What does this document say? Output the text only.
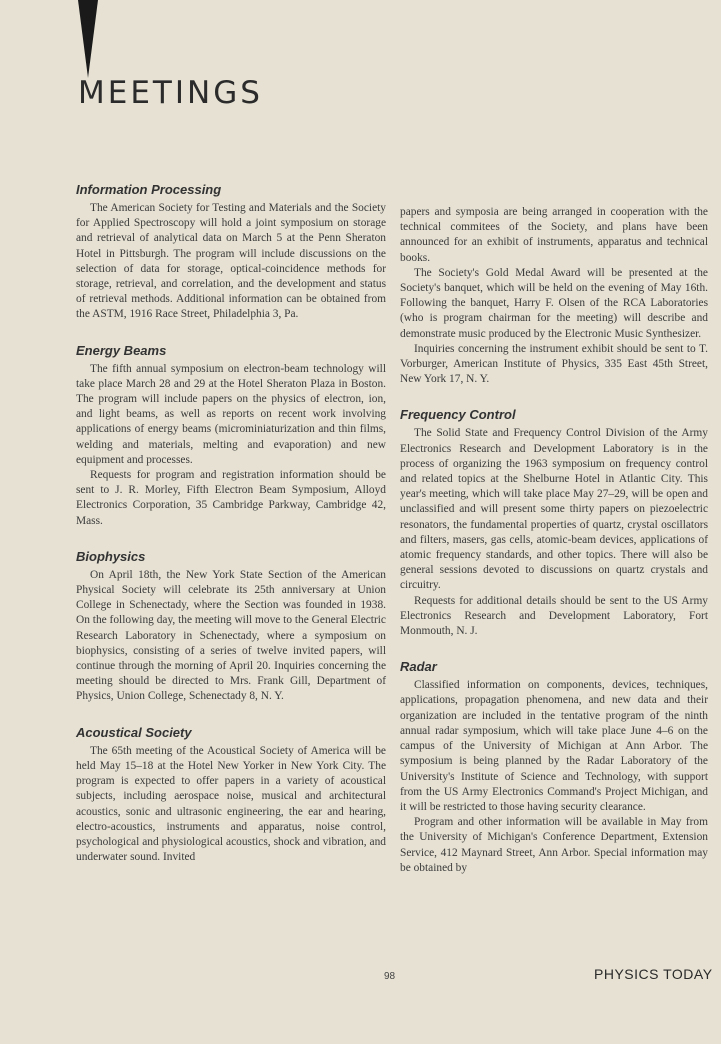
MEETINGS
Information Processing

The American Society for Testing and Materials and the Society for Applied Spectroscopy will hold a joint symposium on storage and retrieval of analytical data on March 5 at the Penn Sheraton Hotel in Pittsburgh. The program will include discussions on the selection of data for storage, optical-coincidence methods for storage, retrieval, and correlation, and the development and status of retrieval methods. Additional information can be obtained from the ASTM, 1916 Race Street, Philadelphia 3, Pa.

Energy Beams

The fifth annual symposium on electron-beam technology will take place March 28 and 29 at the Hotel Sheraton Plaza in Boston. The program will include papers on the physics of electron, ion, and light beams, as well as reports on recent work involving applications of energy beams (microminiaturization and thin films, welding and materials, melting and evaporation) and new equipment and processes.

Requests for program and registration information should be sent to J. R. Morley, Fifth Electron Beam Symposium, Alloyd Electronics Corporation, 35 Cambridge Parkway, Cambridge 42, Mass.

Biophysics

On April 18th, the New York State Section of the American Physical Society will celebrate its 25th anniversary at Union College in Schenectady, where the Section was founded in 1938. On the following day, the meeting will move to the General Electric Research Laboratory in Schenectady, where a symposium on biophysics, consisting of a series of twelve invited papers, will continue through the morning of April 20. Inquiries concerning the meeting should be directed to Mrs. Frank Gill, Department of Physics, Union College, Schenectady 8, N. Y.

Acoustical Society

The 65th meeting of the Acoustical Society of America will be held May 15–18 at the Hotel New Yorker in New York City. The program is expected to offer papers in a variety of acoustical subjects, including aerospace noise, musical and architectural acoustics, sonic and ultrasonic engineering, the ear and hearing, electro-acoustics, instruments and apparatus, noise control, psychological and physiological acoustics, shock and vibration, and underwater sound. Invited

papers and symposia are being arranged in cooperation with the technical commitees of the Society, and plans have been announced for an exhibit of instruments, apparatus and technical books.

The Society's Gold Medal Award will be presented at the Society's banquet, which will be held on the evening of May 16th. Following the banquet, Harry F. Olsen of the RCA Laboratories (who is program chairman for the meeting) will describe and demonstrate music produced by the Electronic Music Synthesizer.

Inquiries concerning the instrument exhibit should be sent to T. Vorburger, American Institute of Physics, 335 East 45th Street, New York 17, N. Y.

Frequency Control

The Solid State and Frequency Control Division of the Army Electronics Research and Development Laboratory is in the process of organizing the 1963 symposium on frequency control and related topics at the Shelburne Hotel in Atlantic City. This year's meeting, which will take place May 27–29, will be open and unclassified and will present some thirty papers on piezoelectric resonators, the fundamental properties of quartz, crystal oscillators and filters, masers, gas cells, atomic-beam devices, applications of atomic frequency standards, and other topics. There will also be general sessions devoted to discussions on quartz crystals and circuitry.

Requests for additional details should be sent to the US Army Electronics Research and Development Laboratory, Fort Monmouth, N. J.

Radar

Classified information on components, devices, techniques, applications, propagation phenomena, and new data and their organization are included in the tentative program of the ninth annual radar symposium, which will take place June 4–6 on the campus of the University of Michigan at Ann Arbor. The symposium is being planned by the Radar Laboratory of the University's Institute of Science and Technology, with support from the US Army Electronics Command's Project Michigan, and it will be restricted to those having security clearance.

Program and other information will be available in May from the University of Michigan's Conference Department, Extension Service, 412 Maynard Street, Ann Arbor. Special information may be obtained by

98	PHYSICS TODAY
